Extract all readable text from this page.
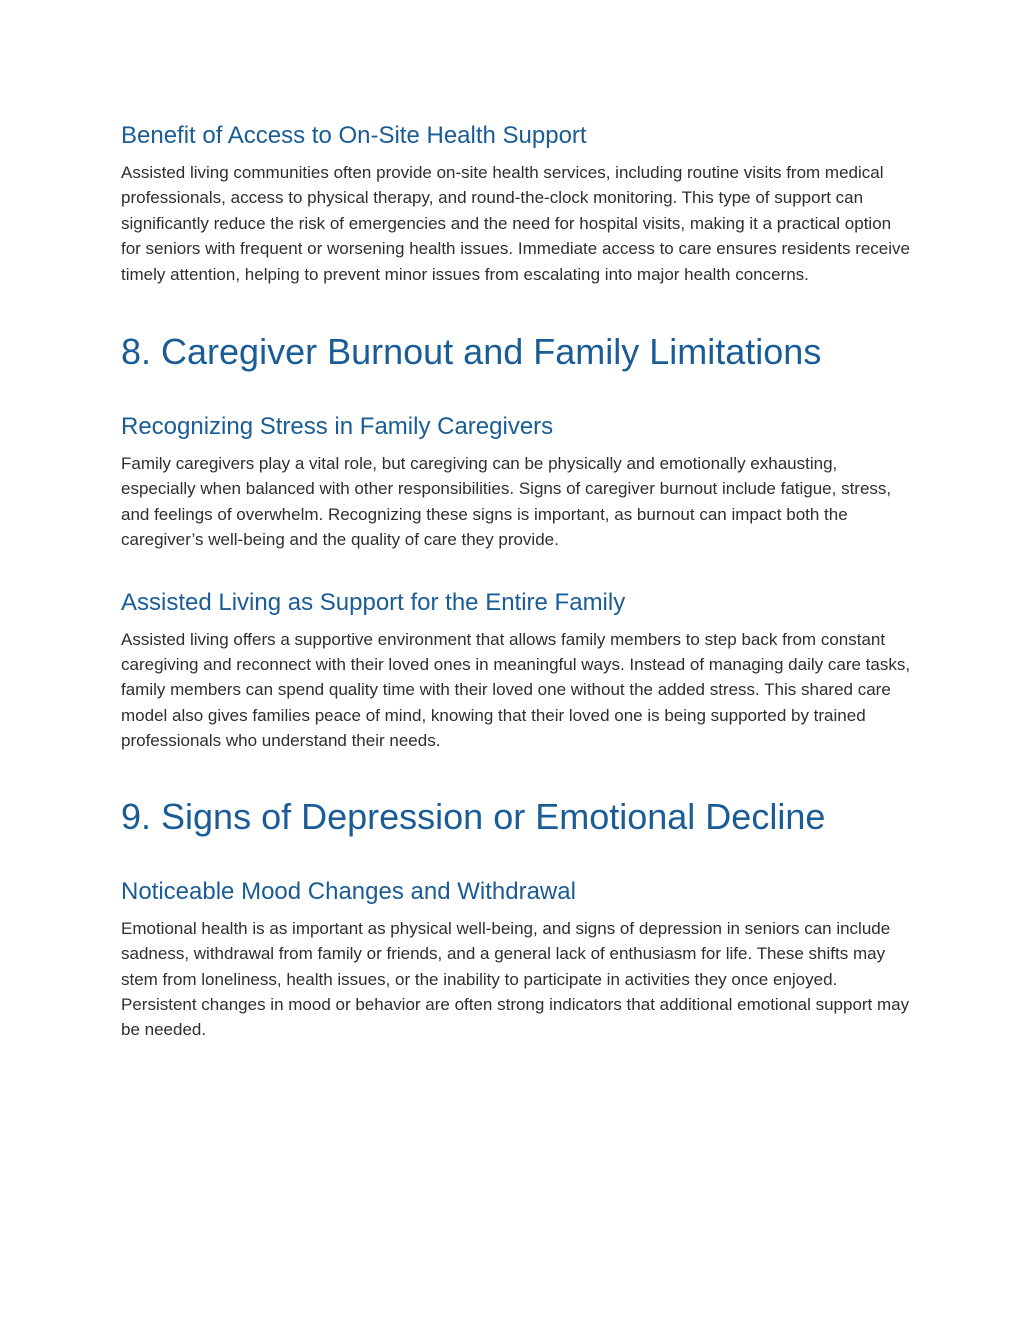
Benefit of Access to On-Site Health Support

Assisted living communities often provide on-site health services, including routine visits from medical professionals, access to physical therapy, and round-the-clock monitoring. This type of support can significantly reduce the risk of emergencies and the need for hospital visits, making it a practical option for seniors with frequent or worsening health issues. Immediate access to care ensures residents receive timely attention, helping to prevent minor issues from escalating into major health concerns.

8. Caregiver Burnout and Family Limitations
Recognizing Stress in Family Caregivers

Family caregivers play a vital role, but caregiving can be physically and emotionally exhausting, especially when balanced with other responsibilities. Signs of caregiver burnout include fatigue, stress, and feelings of overwhelm. Recognizing these signs is important, as burnout can impact both the caregiver’s well-being and the quality of care they provide.

Assisted Living as Support for the Entire Family

Assisted living offers a supportive environment that allows family members to step back from constant caregiving and reconnect with their loved ones in meaningful ways. Instead of managing daily care tasks, family members can spend quality time with their loved one without the added stress. This shared care model also gives families peace of mind, knowing that their loved one is being supported by trained professionals who understand their needs.

9. Signs of Depression or Emotional Decline
Noticeable Mood Changes and Withdrawal

Emotional health is as important as physical well-being, and signs of depression in seniors can include sadness, withdrawal from family or friends, and a general lack of enthusiasm for life. These shifts may stem from loneliness, health issues, or the inability to participate in activities they once enjoyed. Persistent changes in mood or behavior are often strong indicators that additional emotional support may be needed.
